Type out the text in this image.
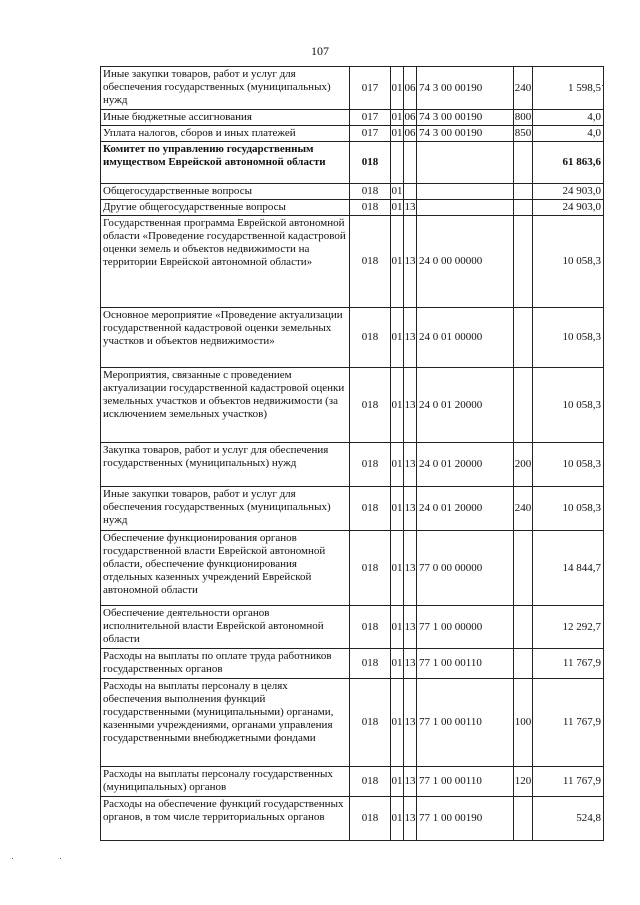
107
Иные закупки товаров, работ и услуг для обеспечения государственных (муниципальных) нужд	017	01	06	74 3 00 00190	240	1 598,5
Иные бюджетные ассигнования	017	01	06	74 3 00 00190	800	4,0
Уплата налогов, сборов и иных платежей	017	01	06	74 3 00 00190	850	4,0
Комитет по управлению государственным имуществом Еврейской автономной области	018					61 863,6
Общегосударственные вопросы	018	01				24 903,0
Другие общегосударственные вопросы	018	01	13			24 903,0
Государственная программа Еврейской автономной области «Проведение государственной кадастровой оценки земель и объектов недвижимости на территории Еврейской автономной области»	018	01	13	24 0 00 00000		10 058,3
Основное мероприятие «Проведение актуализации государственной кадастровой оценки земельных участков и объектов недвижимости»	018	01	13	24 0 01 00000		10 058,3
Мероприятия, связанные с проведением актуализации государственной кадастровой оценки земельных участков и объектов недвижимости (за исключением земельных участков)	018	01	13	24 0 01 20000		10 058,3
Закупка товаров, работ и услуг для обеспечения государственных (муниципальных) нужд	018	01	13	24 0 01 20000	200	10 058,3
Иные закупки товаров, работ и услуг для обеспечения государственных (муниципальных) нужд	018	01	13	24 0 01 20000	240	10 058,3
Обеспечение функционирования органов государственной власти Еврейской автономной области, обеспечение функционирования отдельных казенных учреждений Еврейской автономной области	018	01	13	77 0 00 00000		14 844,7
Обеспечение деятельности органов исполнительной власти Еврейской автономной области	018	01	13	77 1 00 00000		12 292,7
Расходы на выплаты по оплате труда работников государственных органов	018	01	13	77 1 00 00110		11 767,9
Расходы на выплаты персоналу в целях обеспечения выполнения функций государственными (муниципальными) органами, казенными учреждениями, органами управления государственными внебюджетными фондами	018	01	13	77 1 00 00110	100	11 767,9
Расходы на выплаты персоналу государственных (муниципальных) органов	018	01	13	77 1 00 00110	120	11 767,9
Расходы на обеспечение функций государственных органов, в том числе территориальных органов	018	01	13	77 1 00 00190		524,8
